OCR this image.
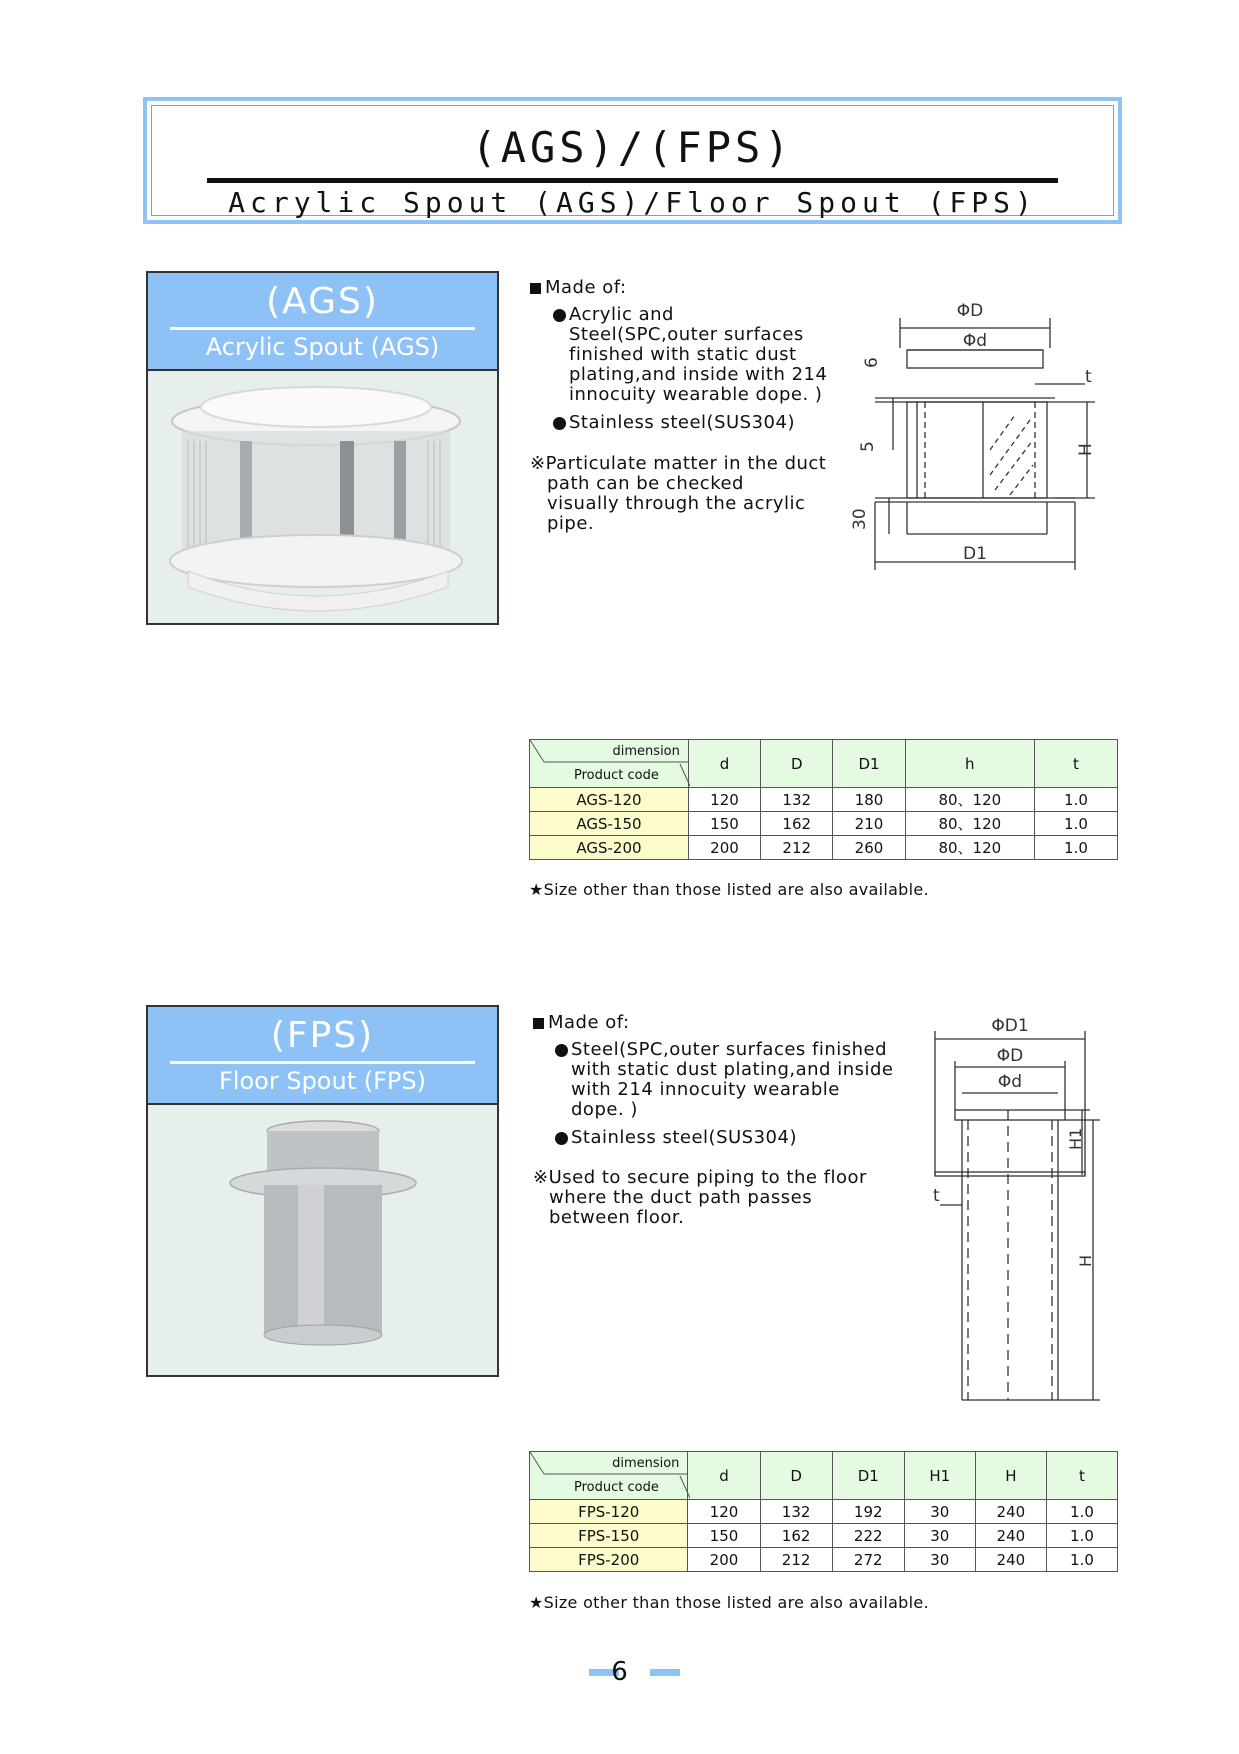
(AGS)/(FPS)
Acrylic Spout (AGS)/Floor Spout (FPS)
(AGS)
Acrylic Spout (AGS)
Made of:
Acrylic and
Steel(SPC,outer surfaces
finished with static dust
plating,and inside with 214
innocuity wearable dope. )
Stainless steel(SUS304)
※Particulate matter in the duct
path can be checked
visually through the acrylic
pipe.
ΦD
Φd
6
t
5	H
30
D1
dimension
Product code	d	D	D1	h	t
AGS-120	120	132	180	80、120	1.0
AGS-150	150	162	210	80、120	1.0
AGS-200	200	212	260	80、120	1.0
★Size other than those listed are also available.
(FPS)
Floor Spout (FPS)
Made of:
Steel(SPC,outer surfaces finished
with static dust plating,and inside
with 214 innocuity wearable
dope. )
Stainless steel(SUS304)
※Used to secure piping to the floor
where the duct path passes
between floor.
ΦD1
ΦD
Φd
H1
t
H
dimension
Product code	d	D	D1	H1	H	t
FPS-120	120	132	192	30	240	1.0
FPS-150	150	162	222	30	240	1.0
FPS-200	200	212	272	30	240	1.0
★Size other than those listed are also available.
6
